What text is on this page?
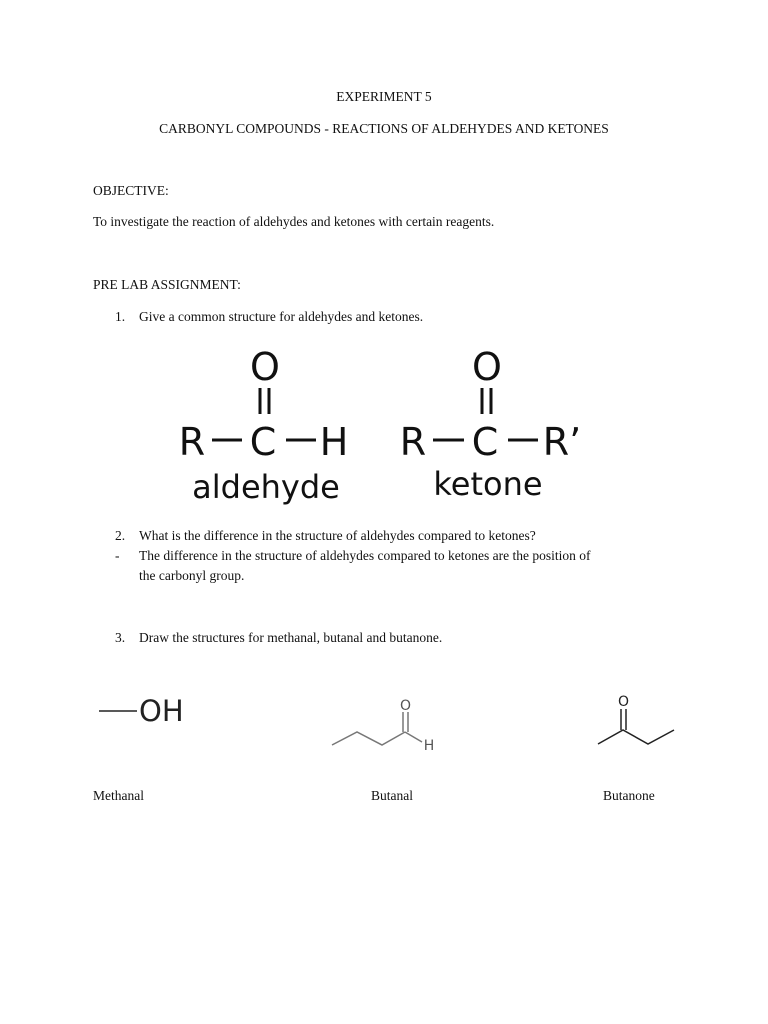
EXPERIMENT 5
CARBONYL COMPOUNDS - REACTIONS OF ALDEHYDES AND KETONES
OBJECTIVE:
To investigate the reaction of aldehydes and ketones with certain reagents.
PRE LAB ASSIGNMENT:
1.	Give a common structure for aldehydes and ketones.
O
R C H
aldehyde
O
R C R’
ketone
2.	What is the difference in the structure of aldehydes compared to ketones?
-	The difference in the structure of aldehydes compared to ketones are the position of
the carbonyl group.
3.	Draw the structures for methanal, butanal and butanone.
OH	O
H
O
Methanal	Butanal	Butanone
